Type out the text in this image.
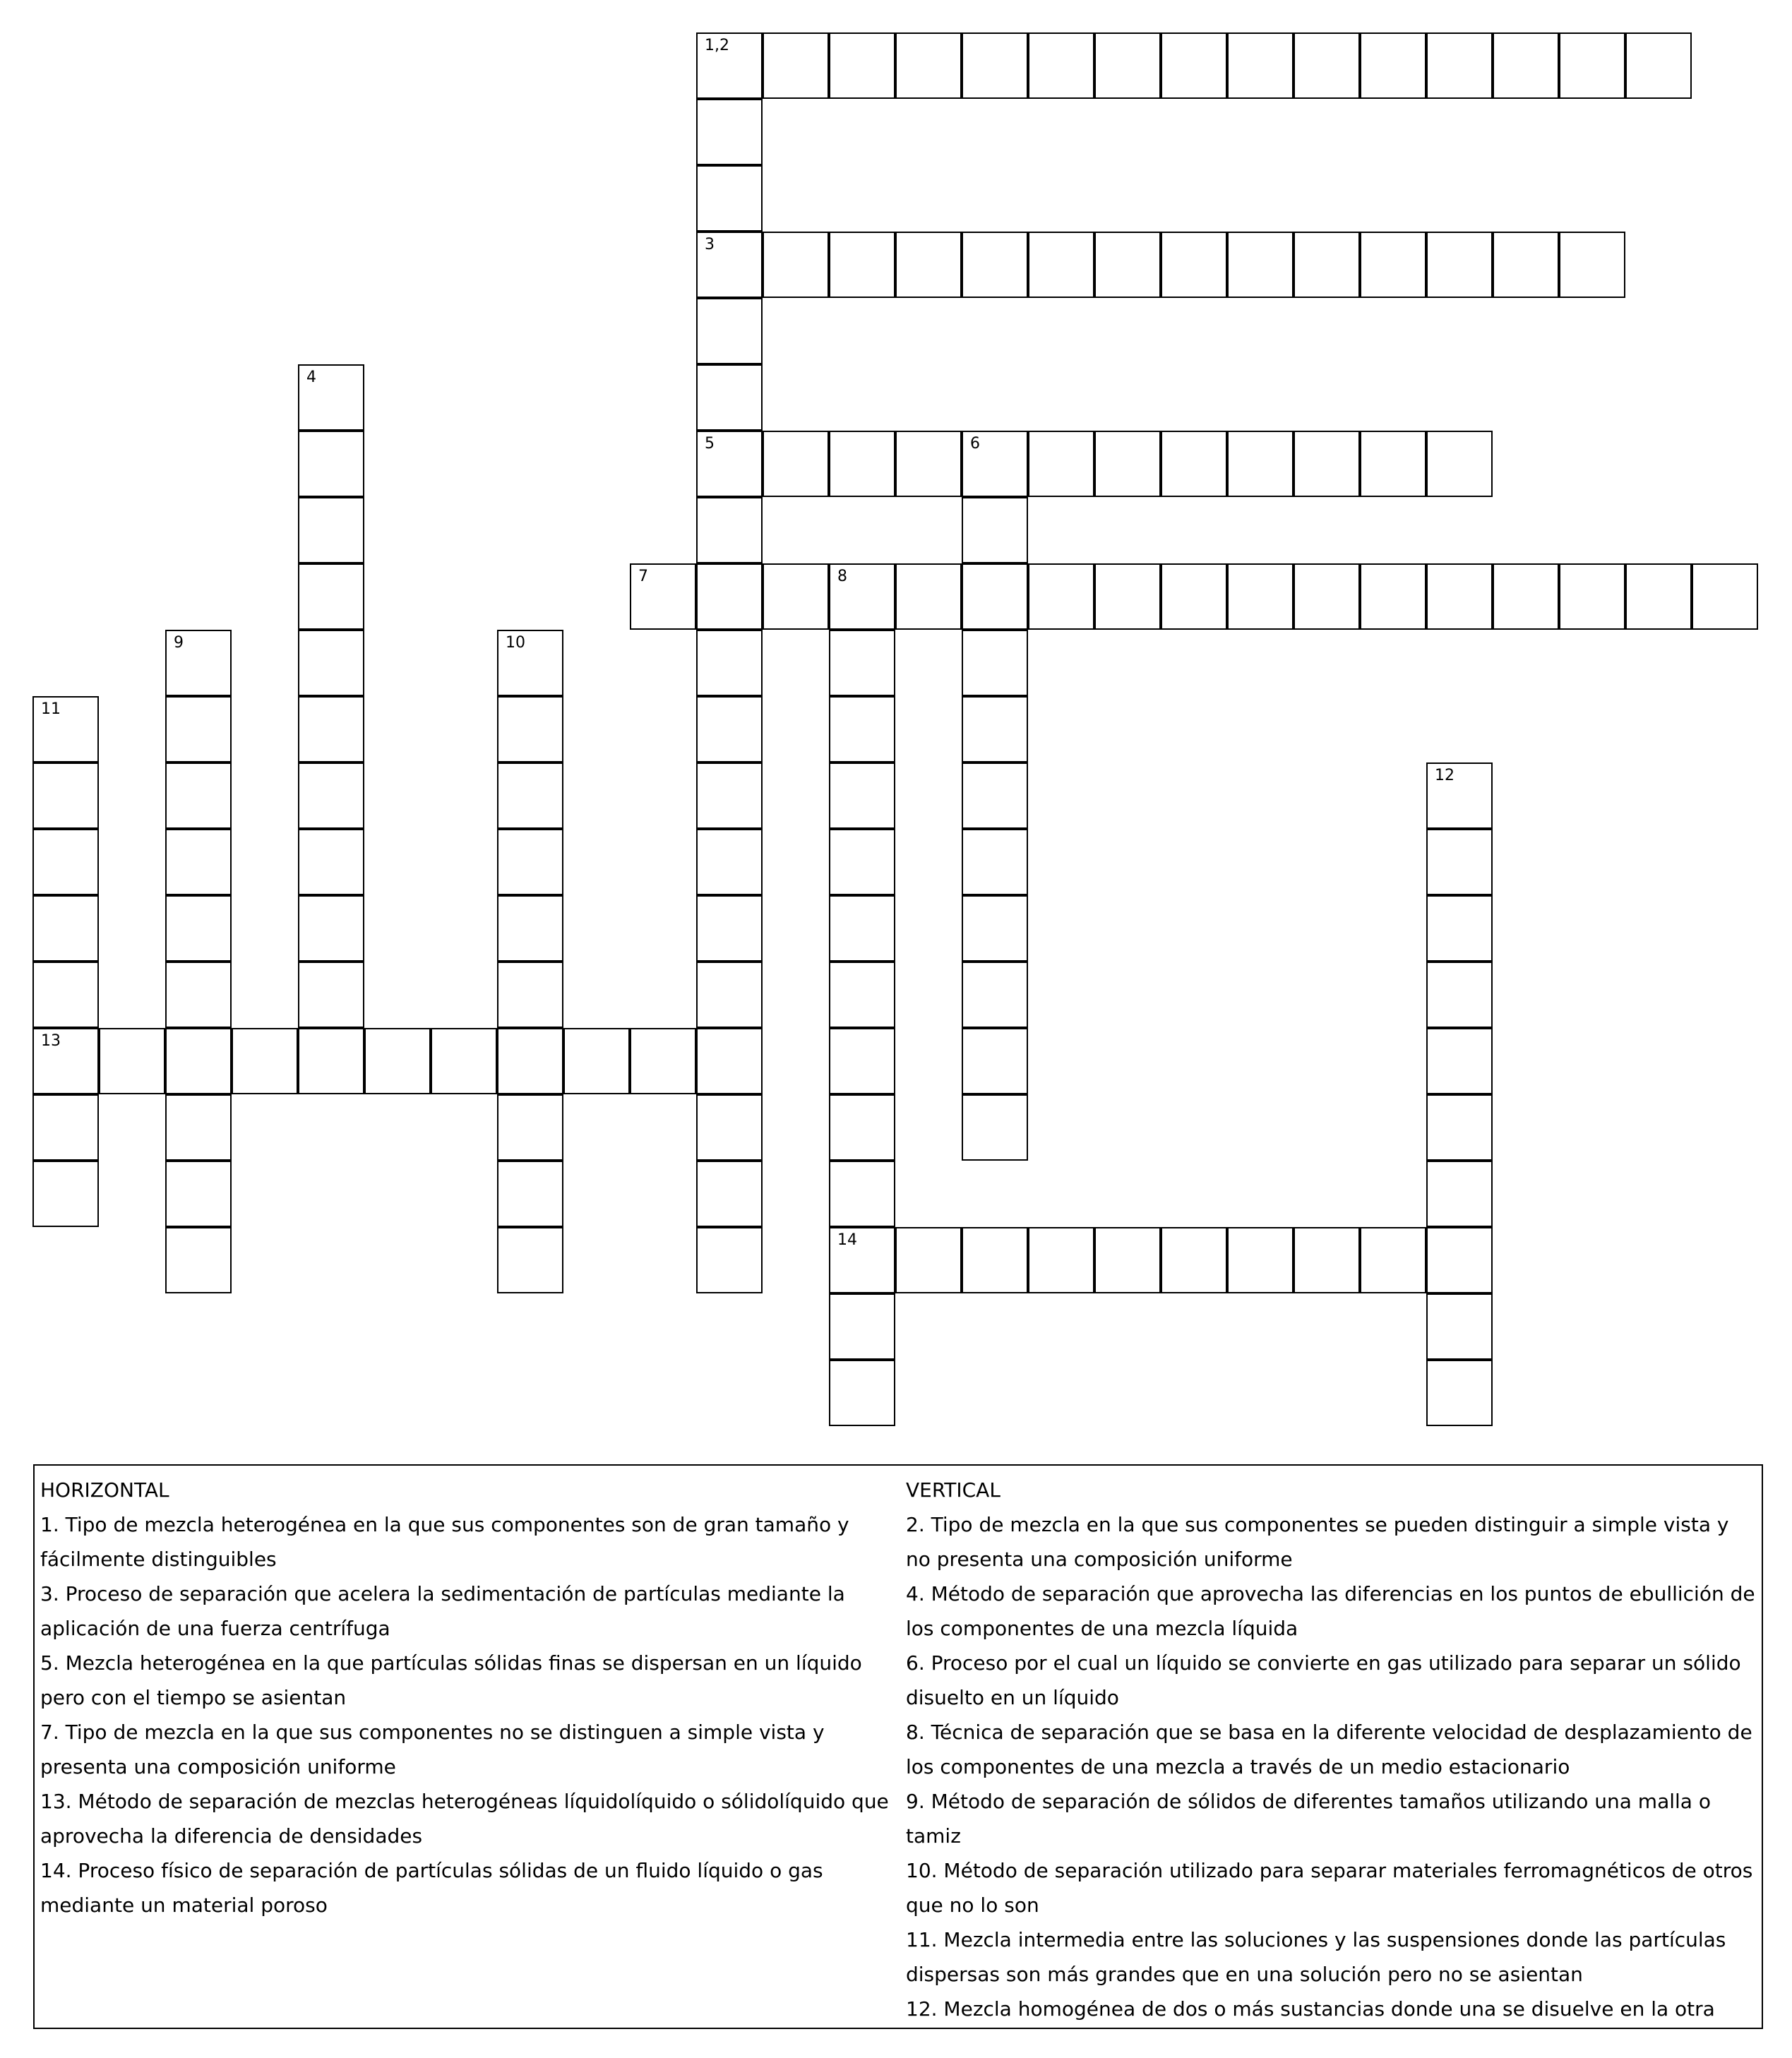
1,2
3
5	6
7	8
13
14
4
9	10
11
12

HORIZONTAL

1. Tipo de mezcla heterogénea en la que sus componentes son de gran tamaño y fácilmente distinguibles

3. Proceso de separación que acelera la sedimentación de partículas mediante la aplicación de una fuerza centrífuga

5. Mezcla heterogénea en la que partículas sólidas finas se dispersan en un líquido pero con el tiempo se asientan

7. Tipo de mezcla en la que sus componentes no se distinguen a simple vista y presenta una composición uniforme

13. Método de separación de mezclas heterogéneas líquidolíquido o sólidolíquido que aprovecha la diferencia de densidades

14. Proceso físico de separación de partículas sólidas de un fluido líquido o gas mediante un material poroso

VERTICAL

2. Tipo de mezcla en la que sus componentes se pueden distinguir a simple vista y no presenta una composición uniforme

4. Método de separación que aprovecha las diferencias en los puntos de ebullición de los componentes de una mezcla líquida

6. Proceso por el cual un líquido se convierte en gas utilizado para separar un sólido disuelto en un líquido

8. Técnica de separación que se basa en la diferente velocidad de desplazamiento de los componentes de una mezcla a través de un medio estacionario

9. Método de separación de sólidos de diferentes tamaños utilizando una malla o tamiz

10. Método de separación utilizado para separar materiales ferromagnéticos de otros que no lo son

11. Mezcla intermedia entre las soluciones y las suspensiones donde las partículas dispersas son más grandes que en una solución pero no se asientan

12. Mezcla homogénea de dos o más sustancias donde una se disuelve en la otra
